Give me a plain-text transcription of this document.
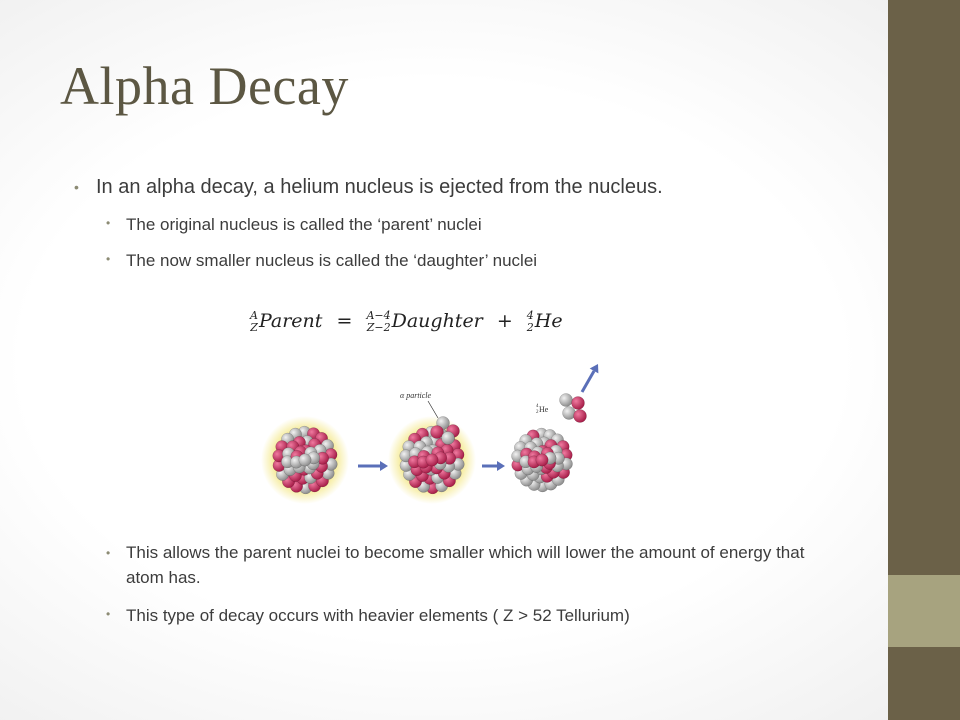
Alpha Decay
• In an alpha decay, a helium nucleus is ejected from the nucleus.
• The original nucleus is called the ‘parent’ nuclei
• The now smaller nucleus is called the ‘daughter’ nuclei
A
Z Parent = A−4
Z−2 Daughter + 4
2 He
α particle
4
2 He
• This allows the parent nuclei to become smaller which will lower the amount of energy that atom has.
• This type of decay occurs with heavier elements ( Z > 52 Tellurium)
